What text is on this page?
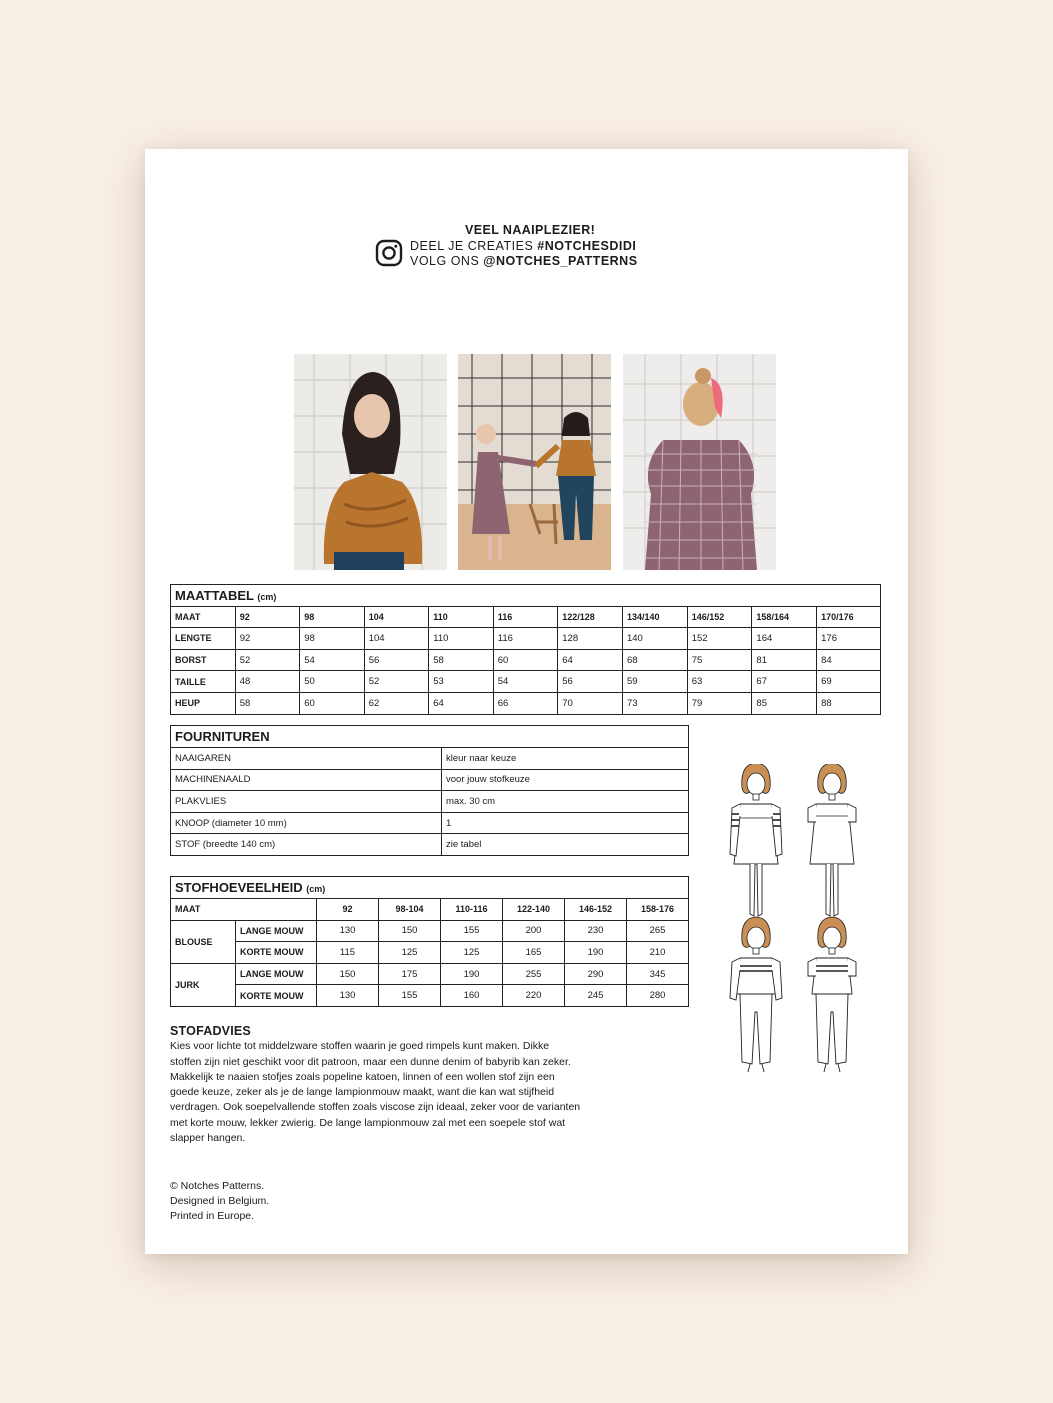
VEEL NAAIPLEZIER!
DEEL JE CREATIES #NOTCHESDIDI
VOLG ONS @NOTCHES_PATTERNS
MAATTABEL (cm)										
MAAT	92	98	104	110	116	122/128	134/140	146/152	158/164	170/176
LENGTE	92	98	104	110	116	128	140	152	164	176
BORST	52	54	56	58	60	64	68	75	81	84
TAILLE	48	50	52	53	54	56	59	63	67	69
HEUP	58	60	62	64	66	70	73	79	85	88
FOURNITUREN	
NAAIGAREN	kleur naar keuze
MACHINENAALD	voor jouw stofkeuze
PLAKVLIES	max. 30 cm
KNOOP (diameter 10 mm)	1
STOF (breedte 140 cm)	zie tabel
STOFHOEVEELHEID (cm)							
MAAT		92	98-104	110-116	122-140	146-152	158-176
BLOUSE	LANGE MOUW	130	150	155	200	230	265
	KORTE MOUW	115	125	125	165	190	210
JURK	LANGE MOUW	150	175	190	255	290	345
	KORTE MOUW	130	155	160	220	245	280
STOFADVIES
Kies voor lichte tot middelzware stoffen waarin je goed rimpels kunt maken. Dikke
stoffen zijn niet geschikt voor dit patroon, maar een dunne denim of babyrib kan zeker.
Makkelijk te naaien stofjes zoals popeline katoen, linnen of een wollen stof zijn een
goede keuze, zeker als je de lange lampionmouw maakt, want die kan wat stijfheid
verdragen. Ook soepelvallende stoffen zoals viscose zijn ideaal, zeker voor de varianten
met korte mouw, lekker zwierig. De lange lampionmouw zal met een soepele stof wat
slapper hangen.
© Notches Patterns.
Designed in Belgium.
Printed in Europe.
